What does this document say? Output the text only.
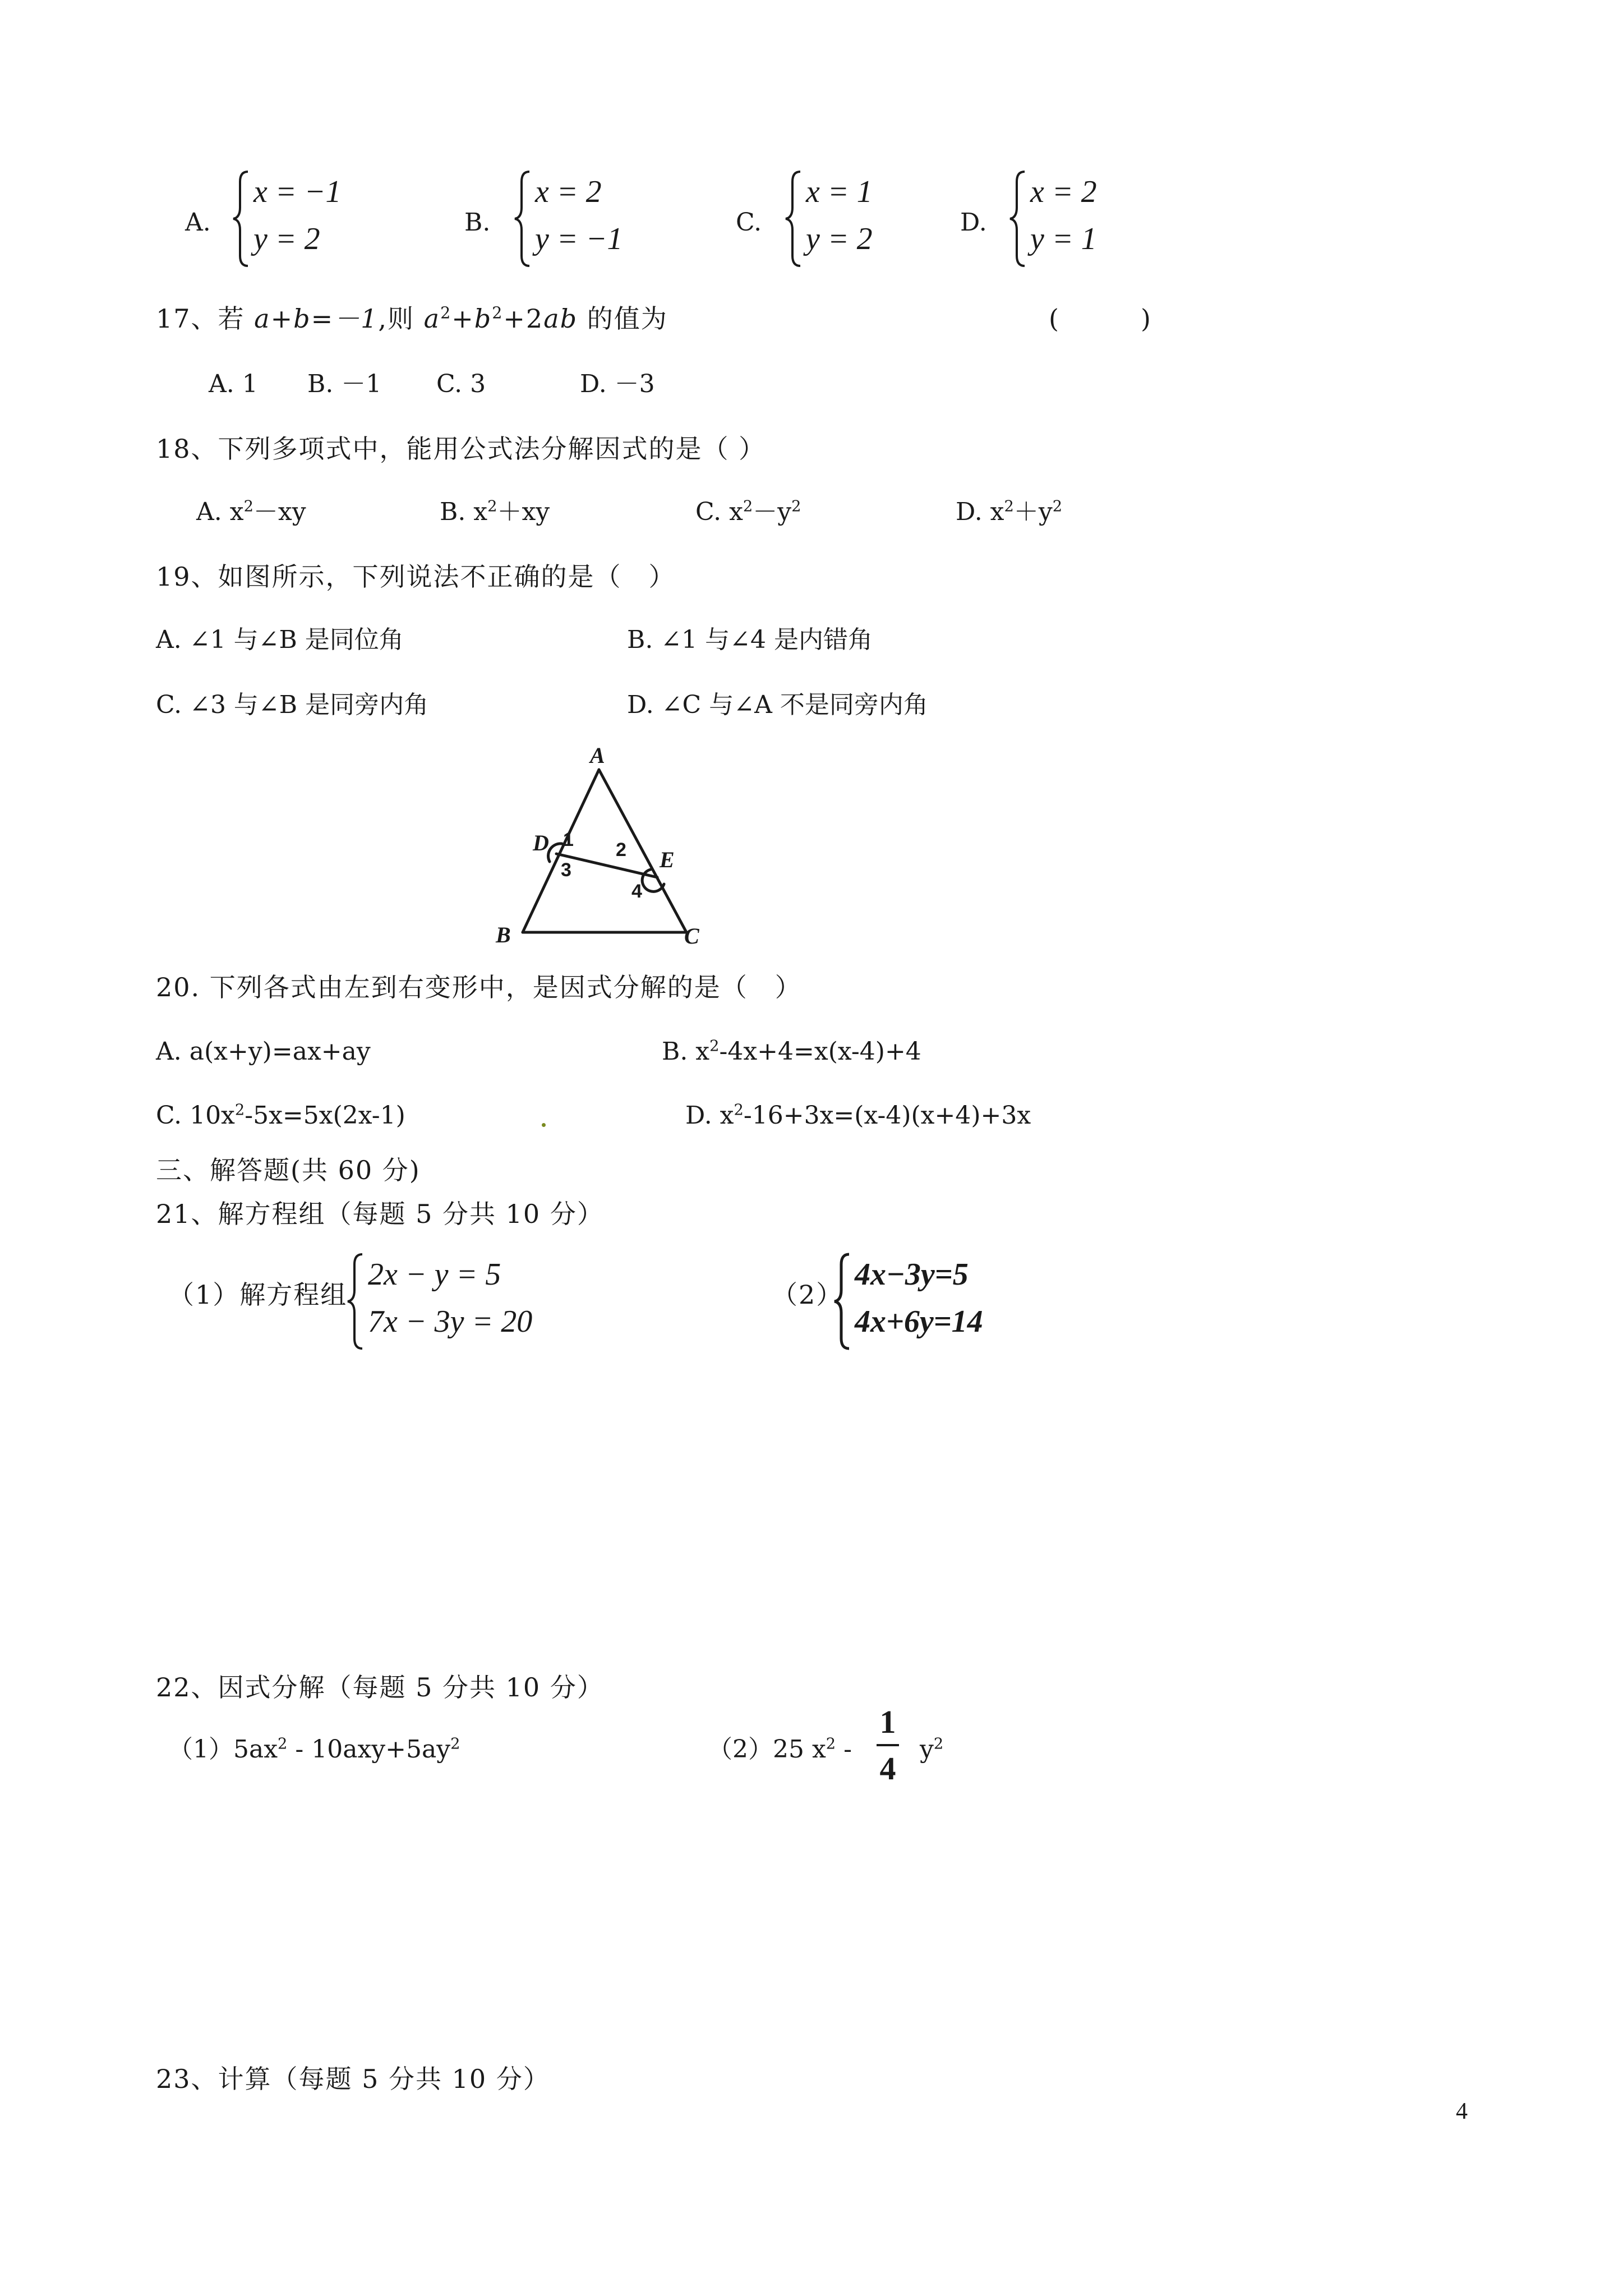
A.
x = −1
y = 2	B.
x = 2
y = −1	C.
x = 1
y = 2	D.
x = 2
y = 1
17、若 a+b=－1,则 $a^2+b^2+2ab$ 的值为	(　　　)
A. 1 B. －1 C. 3	D. －3
18、下列多项式中，能用公式法分解因式的是（ ）
A. $x^2-xy$	B. $x^2+xy$	C. $x^2-y^2$	D. $x^2+y^2$
19、如图所示，下列说法不正确的是（　）
A. ∠1 与∠B 是同位角	B. ∠1 与∠4 是内错角
C. ∠3 与∠B 是同旁内角	D. ∠C 与∠A 不是同旁内角
A
B	C
D
E
1 2
3
4
20. 下列各式由左到右变形中，是因式分解的是（　）
A. a(x+y)=ax+ay	B. $x^2-4x+4=x(x-4)+4$
C. $10x^2-5x=5x(2x-1)$	D. $x^2-16+3x=(x-4)(x+4)+3x$
三、解答题(共 60 分)
21、解方程组（每题 5 分共 10 分）
（1）解方程组
2x − y = 5
7x − 3y = 20
（2）
4x−3y=5
4x+6y=14
22、因式分解（每题 5 分共 10 分）
$(1)5ax^2 - 10axy+5ay^2$	（2）25 $x^2$ -
1
4
$y^2$
23、计算（每题 5 分共 10 分）
4
